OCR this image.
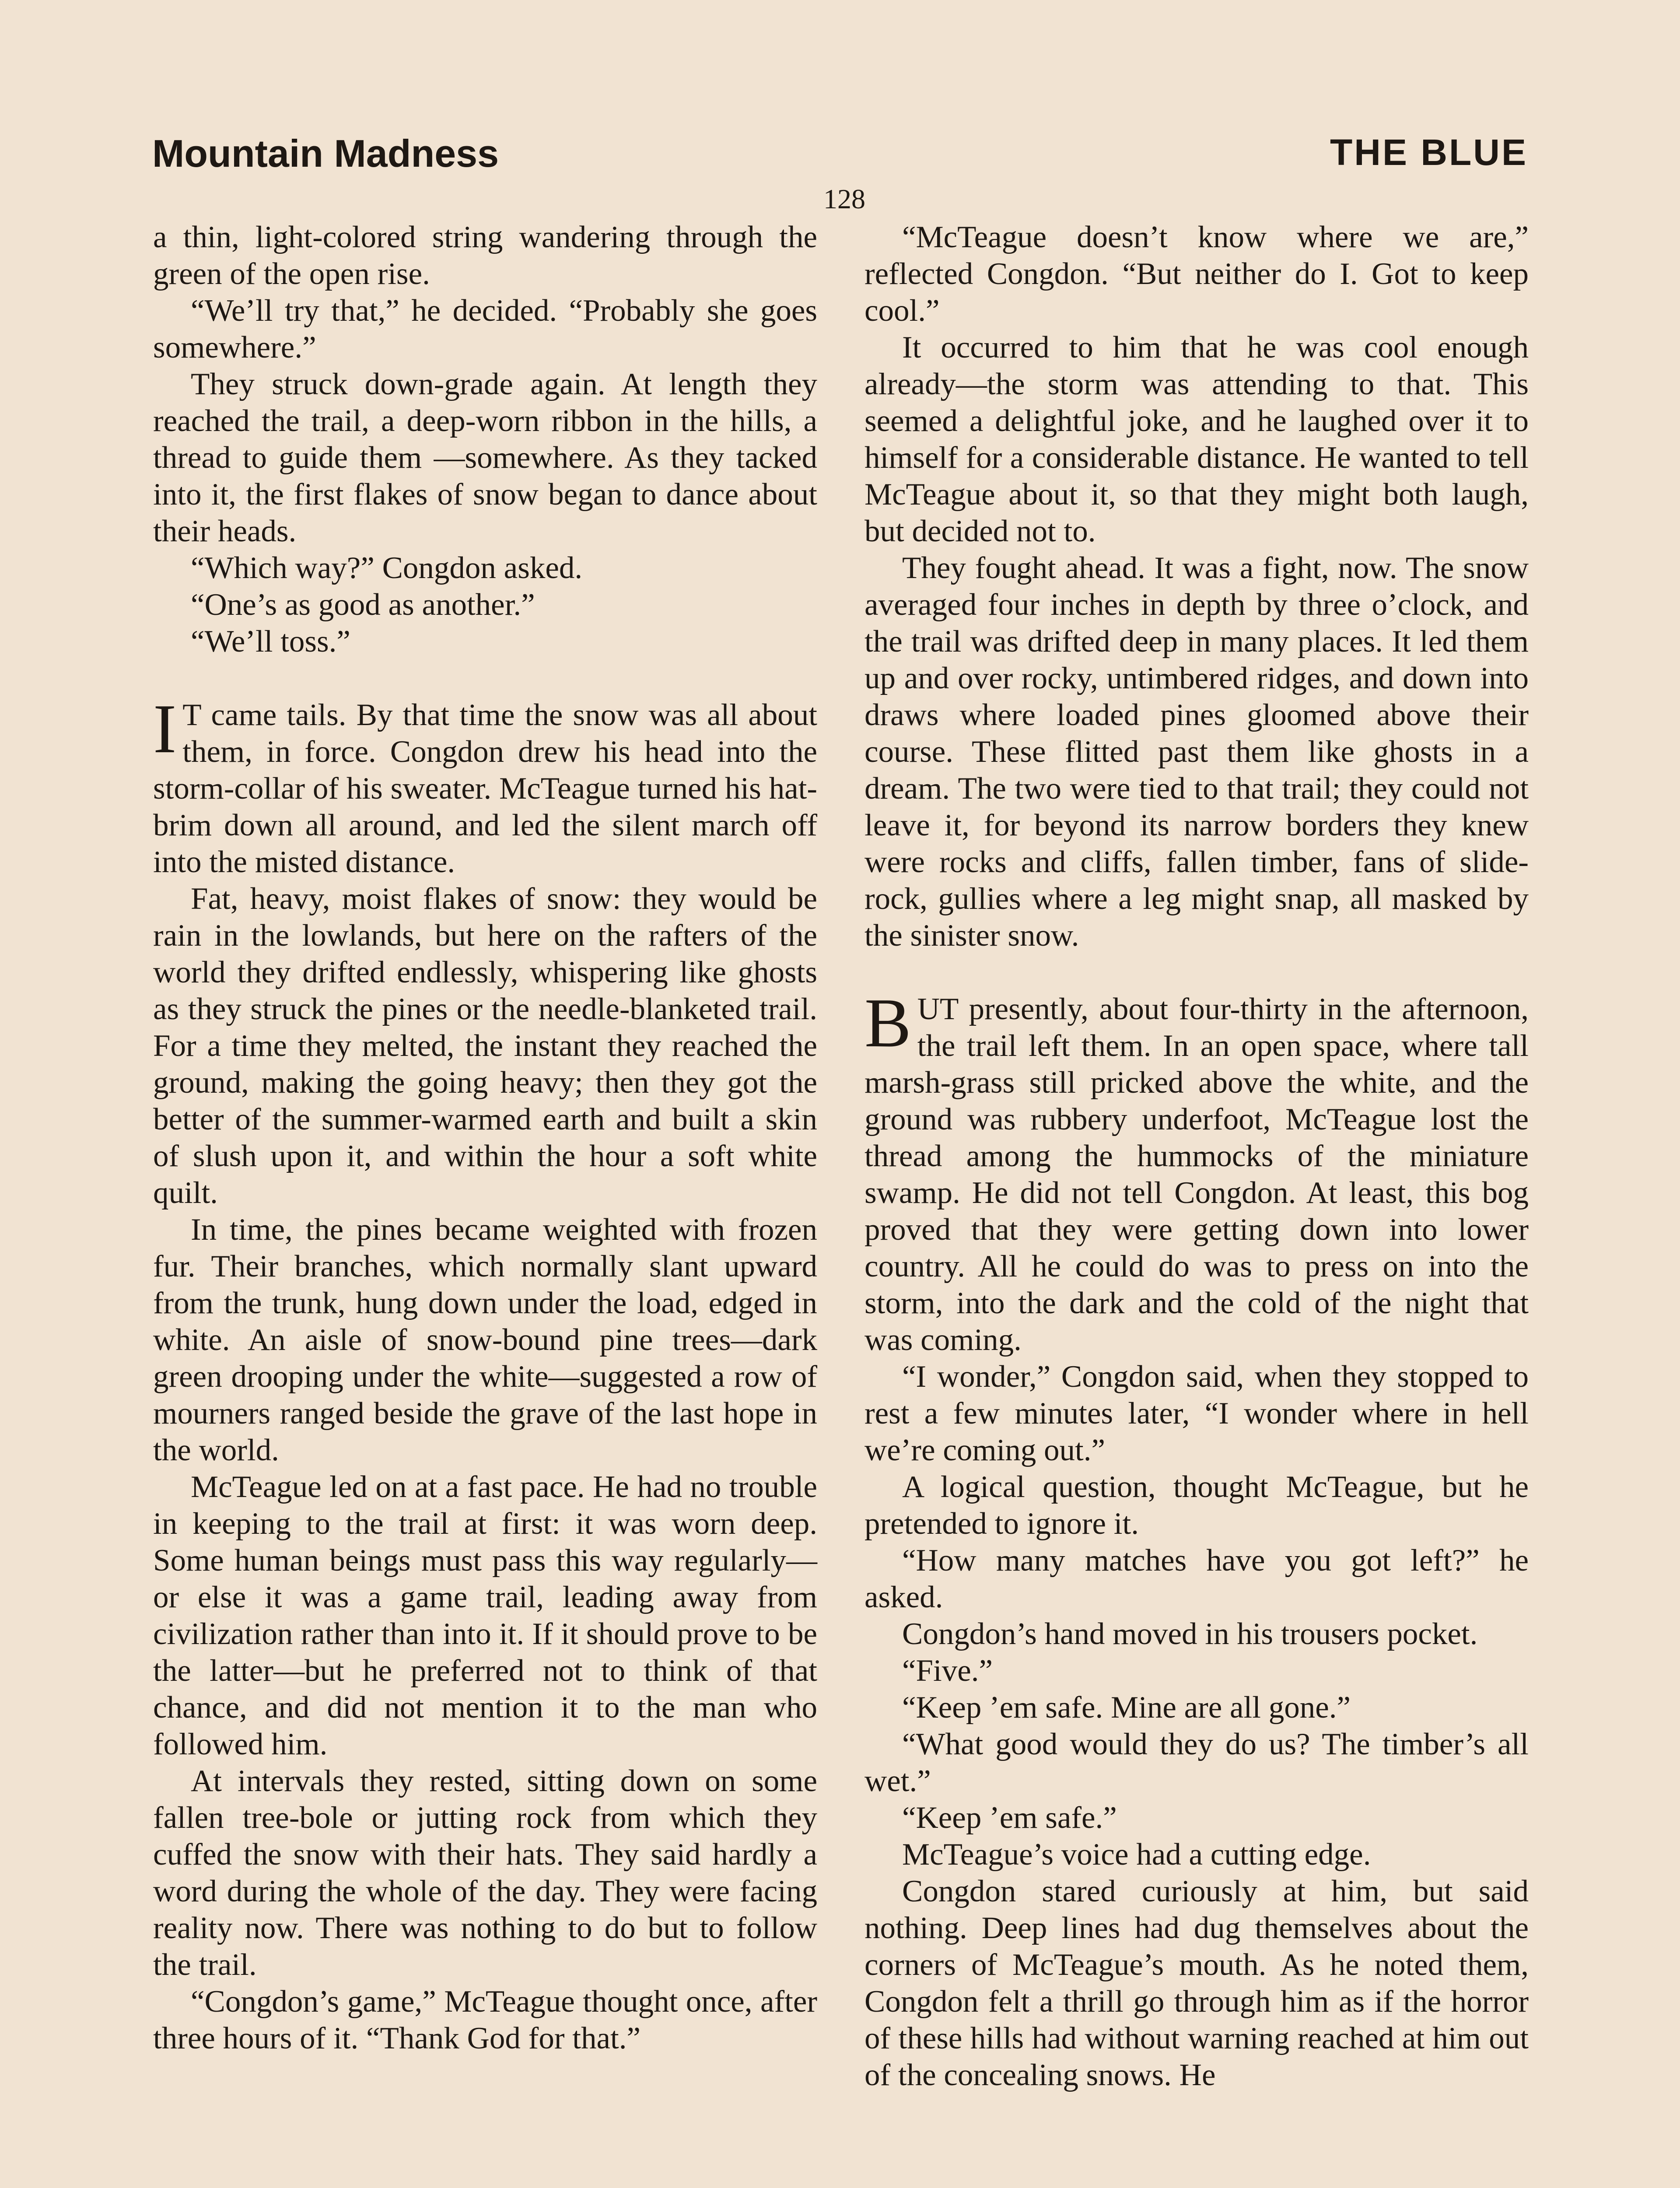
Mountain Madness
128
THE BLUE

a thin, light-colored string wandering through the green of the open rise.

“We’ll try that,” he decided. “Probably she goes somewhere.”

They struck down-grade again. At length they reached the trail, a deep-worn ribbon in the hills, a thread to guide them —somewhere. As they tacked into it, the first flakes of snow began to dance about their heads.

“Which way?” Congdon asked.

“One’s as good as another.”

“We’ll toss.”

I T came tails. By that time the snow was all about them, in force. Congdon drew his head into the storm-collar of his sweater. McTeague turned his hat-brim down all around, and led the silent march off into the misted distance.

Fat, heavy, moist flakes of snow: they would be rain in the lowlands, but here on the rafters of the world they drifted endlessly, whispering like ghosts as they struck the pines or the needle-blanketed trail. For a time they melted, the instant they reached the ground, making the going heavy; then they got the better of the summer-warmed earth and built a skin of slush upon it, and within the hour a soft white quilt.

In time, the pines became weighted with frozen fur. Their branches, which normally slant upward from the trunk, hung down under the load, edged in white. An aisle of snow-bound pine trees—dark green drooping under the white—suggested a row of mourners ranged beside the grave of the last hope in the world.

McTeague led on at a fast pace. He had no trouble in keeping to the trail at first: it was worn deep. Some human beings must pass this way regularly—or else it was a game trail, leading away from civilization rather than into it. If it should prove to be the latter—but he preferred not to think of that chance, and did not mention it to the man who followed him.

At intervals they rested, sitting down on some fallen tree-bole or jutting rock from which they cuffed the snow with their hats. They said hardly a word during the whole of the day. They were facing reality now. There was nothing to do but to follow the trail.

“Congdon’s game,” McTeague thought once, after three hours of it. “Thank God for that.”

“McTeague doesn’t know where we are,” reflected Congdon. “But neither do I. Got to keep cool.”

It occurred to him that he was cool enough already—the storm was attending to that. This seemed a delightful joke, and he laughed over it to himself for a considerable distance. He wanted to tell McTeague about it, so that they might both laugh, but decided not to.

They fought ahead. It was a fight, now. The snow averaged four inches in depth by three o’clock, and the trail was drifted deep in many places. It led them up and over rocky, untimbered ridges, and down into draws where loaded pines gloomed above their course. These flitted past them like ghosts in a dream. The two were tied to that trail; they could not leave it, for beyond its narrow borders they knew were rocks and cliffs, fallen timber, fans of slide-rock, gullies where a leg might snap, all masked by the sinister snow.

BUT presently, about four-thirty in the afternoon, the trail left them. In an open space, where tall marsh-grass still pricked above the white, and the ground was rubbery underfoot, McTeague lost the thread among the hummocks of the miniature swamp. He did not tell Congdon. At least, this bog proved that they were getting down into lower country. All he could do was to press on into the storm, into the dark and the cold of the night that was coming.

“I wonder,” Congdon said, when they stopped to rest a few minutes later, “I wonder where in hell we’re coming out.”

A logical question, thought McTeague, but he pretended to ignore it.

“How many matches have you got left?” he asked.

Congdon’s hand moved in his trousers pocket.

“Five.”

“Keep ’em safe. Mine are all gone.”

“What good would they do us? The timber’s all wet.”

“Keep ’em safe.”

McTeague’s voice had a cutting edge.

Congdon stared curiously at him, but said nothing. Deep lines had dug themselves about the corners of McTeague’s mouth. As he noted them, Congdon felt a thrill go through him as if the horror of these hills had without warning reached at him out of the concealing snows. He
